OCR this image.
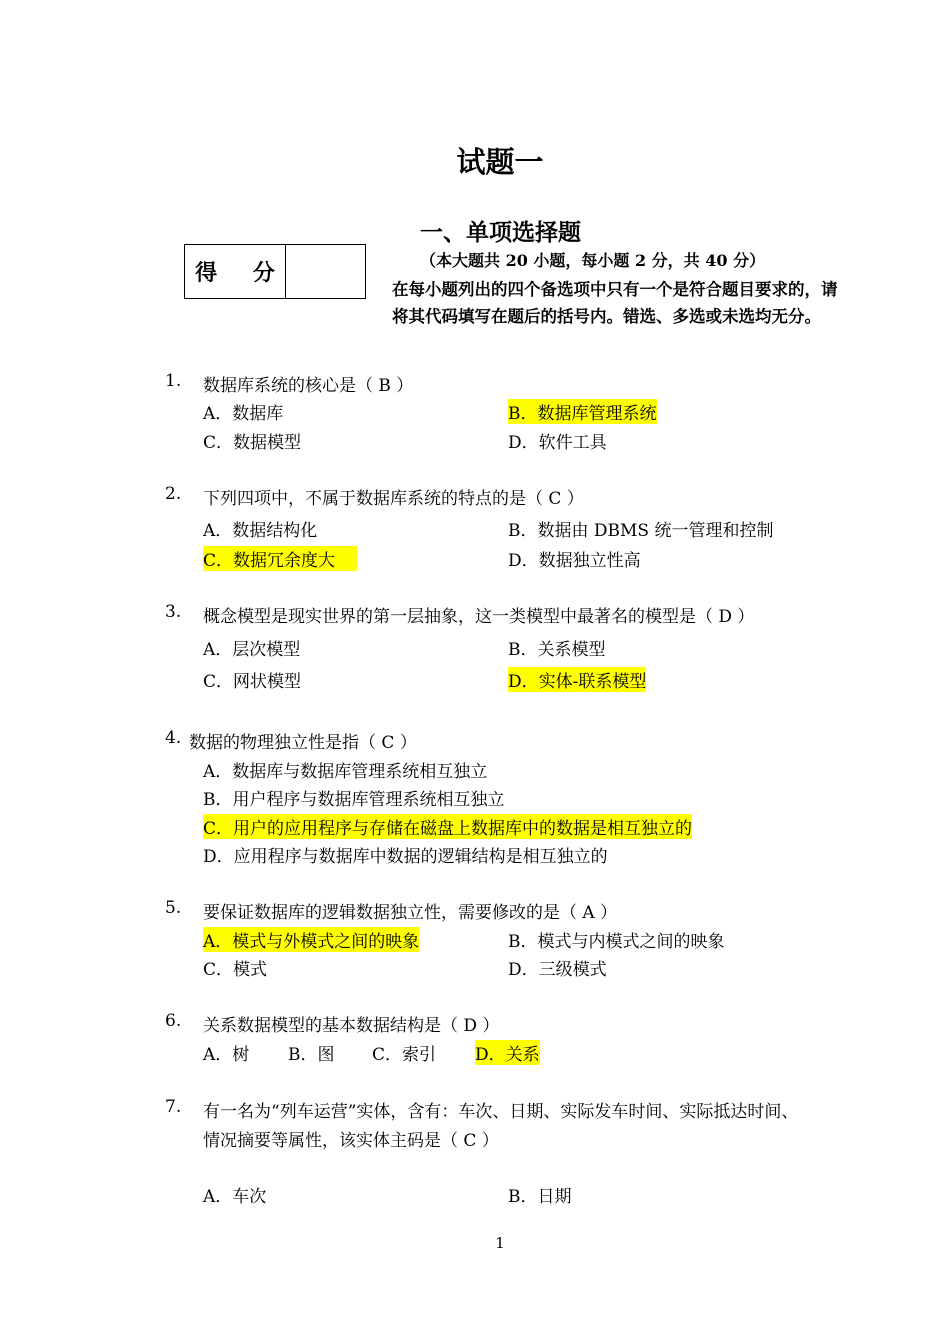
试题一
一、单项选择题
（本大题共 20 小题，每小题 2 分，共 40 分）
在每小题列出的四个备选项中只有一个是符合题目要求的，请将其代码填写在题后的括号内。错选、多选或未选均无分。
得 分
1. 数据库系统的核心是（ B ）
A．数据库	B．数据库管理系统
C．数据模型	D．软件工具
2. 下列四项中，不属于数据库系统的特点的是（ C ）
A．数据结构化	B．数据由 DBMS 统一管理和控制
C．数据冗余度大	D．数据独立性高
3. 概念模型是现实世界的第一层抽象，这一类模型中最著名的模型是（ D ）
A．层次模型	B．关系模型
C．网状模型	D．实体-联系模型
4. 数据的物理独立性是指（ C ）
A．数据库与数据库管理系统相互独立
B．用户程序与数据库管理系统相互独立
C．用户的应用程序与存储在磁盘上数据库中的数据是相互独立的
D．应用程序与数据库中数据的逻辑结构是相互独立的
5. 要保证数据库的逻辑数据独立性，需要修改的是（ A ）
A．模式与外模式之间的映象	B．模式与内模式之间的映象
C．模式	D．三级模式
6. 关系数据模型的基本数据结构是（ D ）
A．树 B．图 C．索引 D．关系
7. 有一名为“列车运营”实体，含有：车次、日期、实际发车时间、实际抵达时间、
情况摘要等属性，该实体主码是（ C ）
A．车次	B．日期
1
